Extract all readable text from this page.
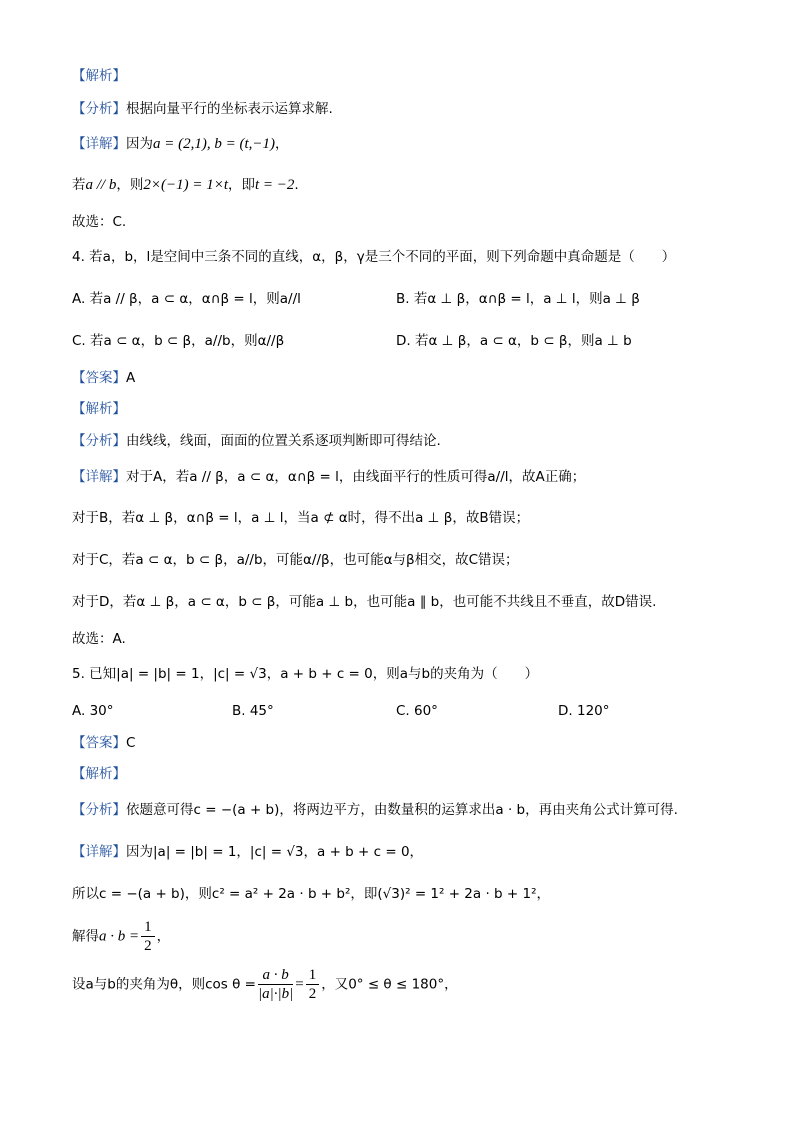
【解析】
【分析】根据向量平行的坐标表示运算求解.
【详解】因为a = (2,1), b = (t,−1)，
若a // b，则2×(−1) = 1×t，即t = −2.
故选：C.
4. 若a，b，l是空间中三条不同的直线，α，β，γ是三个不同的平面，则下列命题中真命题是（　　）
A. 若a // β，a ⊂ α，α∩β = l，则a//l	B. 若α ⊥ β，α∩β = l，a ⊥ l，则a ⊥ β
C. 若a ⊂ α，b ⊂ β，a//b，则α//β	D. 若α ⊥ β，a ⊂ α，b ⊂ β，则a ⊥ b
【答案】A
【解析】
【分析】由线线，线面，面面的位置关系逐项判断即可得结论.
【详解】对于A，若a // β，a ⊂ α，α∩β = l，由线面平行的性质可得a//l，故A正确；
对于B，若α ⊥ β，α∩β = l，a ⊥ l，当a ⊄ α时，得不出a ⊥ β，故B错误；
对于C，若a ⊂ α，b ⊂ β，a//b，可能α//β，也可能α与β相交，故C错误；
对于D，若α ⊥ β，a ⊂ α，b ⊂ β，可能a ⊥ b，也可能a ∥ b，也可能不共线且不垂直，故D错误.
故选：A.
5. 已知|a| = |b| = 1，|c| = √3，a + b + c = 0，则a与b的夹角为（　　）
A. 30°	B. 45°	C. 60°	D. 120°
【答案】C
【解析】
【分析】依题意可得c = −(a + b)，将两边平方，由数量积的运算求出a · b，再由夹角公式计算可得.
【详解】因为|a| = |b| = 1，|c| = √3，a + b + c = 0，
所以c = −(a + b)，则c² = a² + 2a · b + b²，即(√3)² = 1² + 2a · b + 1²，
解得$a \cdot b = \frac{1}{2}$ ，
设a与b的夹角为θ，则$\cos \theta = \frac{a \cdot b}{|a|\cdot|b|} = \frac{1}{2}$ ，又0° ≤ θ ≤ 180°，
